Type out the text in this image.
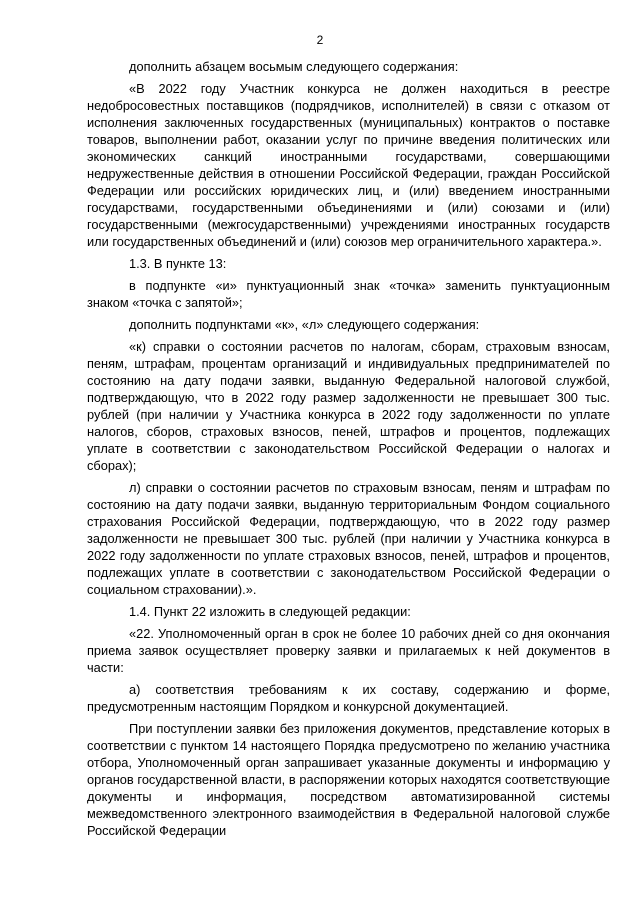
2

дополнить абзацем восьмым следующего содержания:

«В 2022 году Участник конкурса не должен находиться в реестре недобросовестных поставщиков (подрядчиков, исполнителей) в связи с отказом от исполнения заключенных государственных (муниципальных) контрактов о поставке товаров, выполнении работ, оказании услуг по причине введения политических или экономических санкций иностранными государствами, совершающими недружественные действия в отношении Российской Федерации, граждан Российской Федерации или российских юридических лиц, и (или) введением иностранными государствами, государственными объединениями и (или) союзами и (или) государственными (межгосударственными) учреждениями иностранных государств или государственных объединений и (или) союзов мер ограничительного характера.».

1.3. В пункте 13:

в подпункте «и» пунктуационный знак «точка» заменить пунктуационным знаком «точка с запятой»;

дополнить подпунктами «к», «л» следующего содержания:

«к) справки о состоянии расчетов по налогам, сборам, страховым взносам, пеням, штрафам, процентам организаций и индивидуальных предпринимателей по состоянию на дату подачи заявки, выданную Федеральной налоговой службой, подтверждающую, что в 2022 году размер задолженности не превышает 300 тыс. рублей (при наличии у Участника конкурса в 2022 году задолженности по уплате налогов, сборов, страховых взносов, пеней, штрафов и процентов, подлежащих уплате в соответствии с законодательством Российской Федерации о налогах и сборах);

л) справки о состоянии расчетов по страховым взносам, пеням и штрафам по состоянию на дату подачи заявки, выданную территориальным Фондом социального страхования Российской Федерации, подтверждающую, что в 2022 году размер задолженности не превышает 300 тыс. рублей (при наличии у Участника конкурса в 2022 году задолженности по уплате страховых взносов, пеней, штрафов и процентов, подлежащих уплате в соответствии с законодательством Российской Федерации о социальном страховании).».

1.4. Пункт 22 изложить в следующей редакции:

«22. Уполномоченный орган в срок не более 10 рабочих дней со дня окончания приема заявок осуществляет проверку заявки и прилагаемых к ней документов в части:

а) соответствия требованиям к их составу, содержанию и форме, предусмотренным настоящим Порядком и конкурсной документацией.

При поступлении заявки без приложения документов, представление которых в соответствии с пунктом 14 настоящего Порядка предусмотрено по желанию участника отбора, Уполномоченный орган запрашивает указанные документы и информацию у органов государственной власти, в распоряжении которых находятся соответствующие документы и информация, посредством автоматизированной системы межведомственного электронного взаимодействия в Федеральной налоговой службе Российской Федерации
